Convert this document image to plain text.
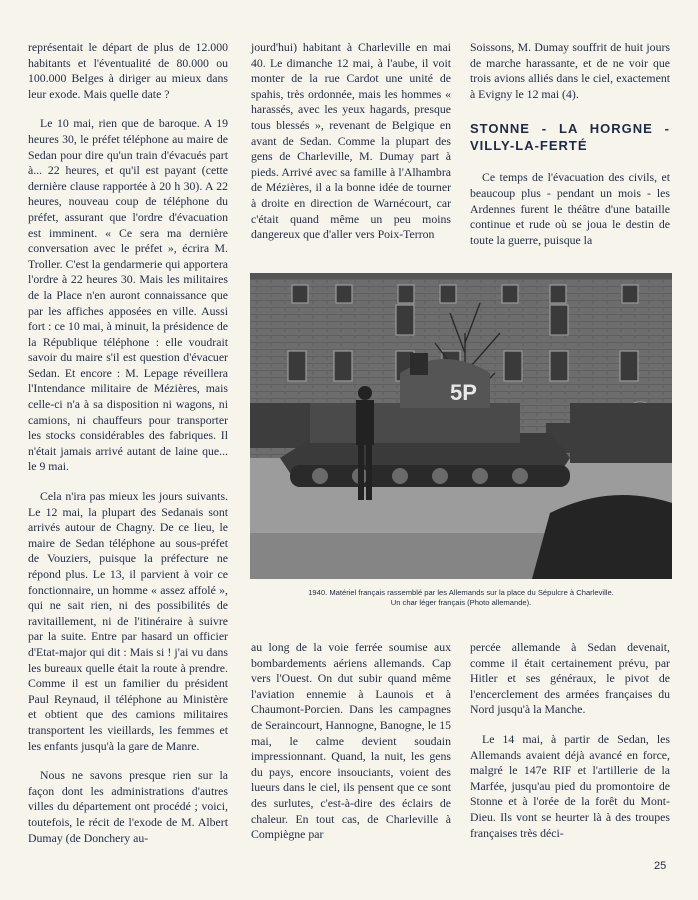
représentait le départ de plus de 12.000 habitants et l'éventualité de 80.000 ou 100.000 Belges à diriger au mieux dans leur exode. Mais quelle date ?

Le 10 mai, rien que de baroque. A 19 heures 30, le préfet téléphone au maire de Sedan pour dire qu'un train d'évacués part à... 22 heures, et qu'il est payant (cette dernière clause rapportée à 20 h 30). A 22 heures, nouveau coup de téléphone du préfet, assurant que l'ordre d'évacuation est imminent. « Ce sera ma dernière conversation avec le préfet », écrira M. Troller. C'est la gendarmerie qui apportera l'ordre à 22 heures 30. Mais les militaires de la Place n'en auront connaissance que par les affiches apposées en ville. Aussi fort : ce 10 mai, à minuit, la présidence de la République téléphone : elle voudrait savoir du maire s'il est question d'évacuer Sedan. Et encore : M. Lepage réveillera l'Intendance militaire de Mézières, mais celle-ci n'a à sa disposition ni wagons, ni camions, ni chauffeurs pour transporter les stocks considérables des fabriques. Il n'était jamais arrivé autant de laine que... le 9 mai.

Cela n'ira pas mieux les jours suivants. Le 12 mai, la plupart des Sedanais sont arrivés autour de Chagny. De ce lieu, le maire de Sedan téléphone au sous-préfet de Vouziers, puisque la préfecture ne répond plus. Le 13, il parvient à voir ce fonctionnaire, un homme « assez affolé », qui ne sait rien, ni des possibilités de ravitaillement, ni de l'itinéraire à suivre par la suite. Entre par hasard un officier d'Etat-major qui dit : Mais si ! j'ai vu dans les bureaux quelle était la route à prendre. Comme il est un familier du président Paul Reynaud, il téléphone au Ministère et obtient que des camions militaires transportent les vieillards, les femmes et les enfants jusqu'à la gare de Manre.

Nous ne savons presque rien sur la façon dont les administrations d'autres villes du département ont procédé ; voici, toutefois, le récit de l'exode de M. Albert Dumay (de Donchery au-

jourd'hui) habitant à Charleville en mai 40. Le dimanche 12 mai, à l'aube, il voit monter de la rue Cardot une unité de spahis, très ordonnée, mais les hommes « harassés, avec les yeux hagards, presque tous blessés », revenant de Belgique en avant de Sedan. Comme la plupart des gens de Charleville, M. Dumay part à pieds. Arrivé avec sa famille à l'Alhambra de Mézières, il a la bonne idée de tourner à droite en direction de Warnécourt, car c'était quand même un peu moins dangereux que d'aller vers Poix-Terron

Soissons, M. Dumay souffrit de huit jours de marche harassante, et de ne voir que trois avions alliés dans le ciel, exactement à Evigny le 12 mai (4).

STONNE - LA HORGNE - VILLY-LA-FERTÉ

Ce temps de l'évacuation des civils, et beaucoup plus - pendant un mois - les Ardennes furent le théâtre d'une bataille continue et rude où se joua le destin de toute la guerre, puisque la

5P
1940. Matériel français rassemblé par les Allemands sur la place du Sépulcre à Charleville.
Un char léger français (Photo allemande).

au long de la voie ferrée soumise aux bombardements aériens allemands. Cap vers l'Ouest. On dut subir quand même l'aviation ennemie à Launois et à Chaumont-Porcien. Dans les campagnes de Seraincourt, Hannogne, Banogne, le 15 mai, le calme devient soudain impressionnant. Quand, la nuit, les gens du pays, encore insouciants, voient des lueurs dans le ciel, ils pensent que ce sont des surlutes, c'est-à-dire des éclairs de chaleur. En tout cas, de Charleville à Compiègne par

percée allemande à Sedan devenait, comme il était certainement prévu, par Hitler et ses généraux, le pivot de l'encerclement des armées françaises du Nord jusqu'à la Manche.

Le 14 mai, à partir de Sedan, les Allemands avaient déjà avancé en force, malgré le 147e RIF et l'artillerie de la Marfée, jusqu'au pied du promontoire de Stonne et à l'orée de la forêt du Mont-Dieu. Ils vont se heurter là à des troupes françaises très déci-

25
